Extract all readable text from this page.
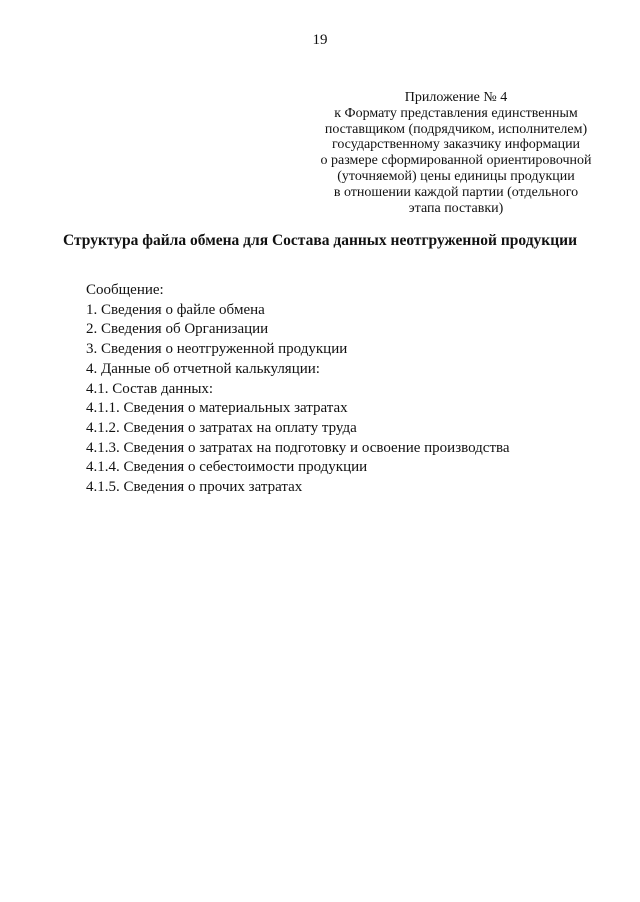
19
Приложение № 4
к Формату представления единственным
поставщиком (подрядчиком, исполнителем)
государственному заказчику информации
о размере сформированной ориентировочной
(уточняемой) цены единицы продукции
в отношении каждой партии (отдельного
этапа поставки)
Структура файла обмена для Состава данных неотгруженной продукции
Сообщение:
1. Сведения о файле обмена
2. Сведения об Организации
3. Сведения о неотгруженной продукции
4. Данные об отчетной калькуляции:
4.1. Состав данных:
4.1.1. Сведения о материальных затратах
4.1.2. Сведения о затратах на оплату труда
4.1.3. Сведения о затратах на подготовку и освоение производства
4.1.4. Сведения о себестоимости продукции
4.1.5. Сведения о прочих затратах
